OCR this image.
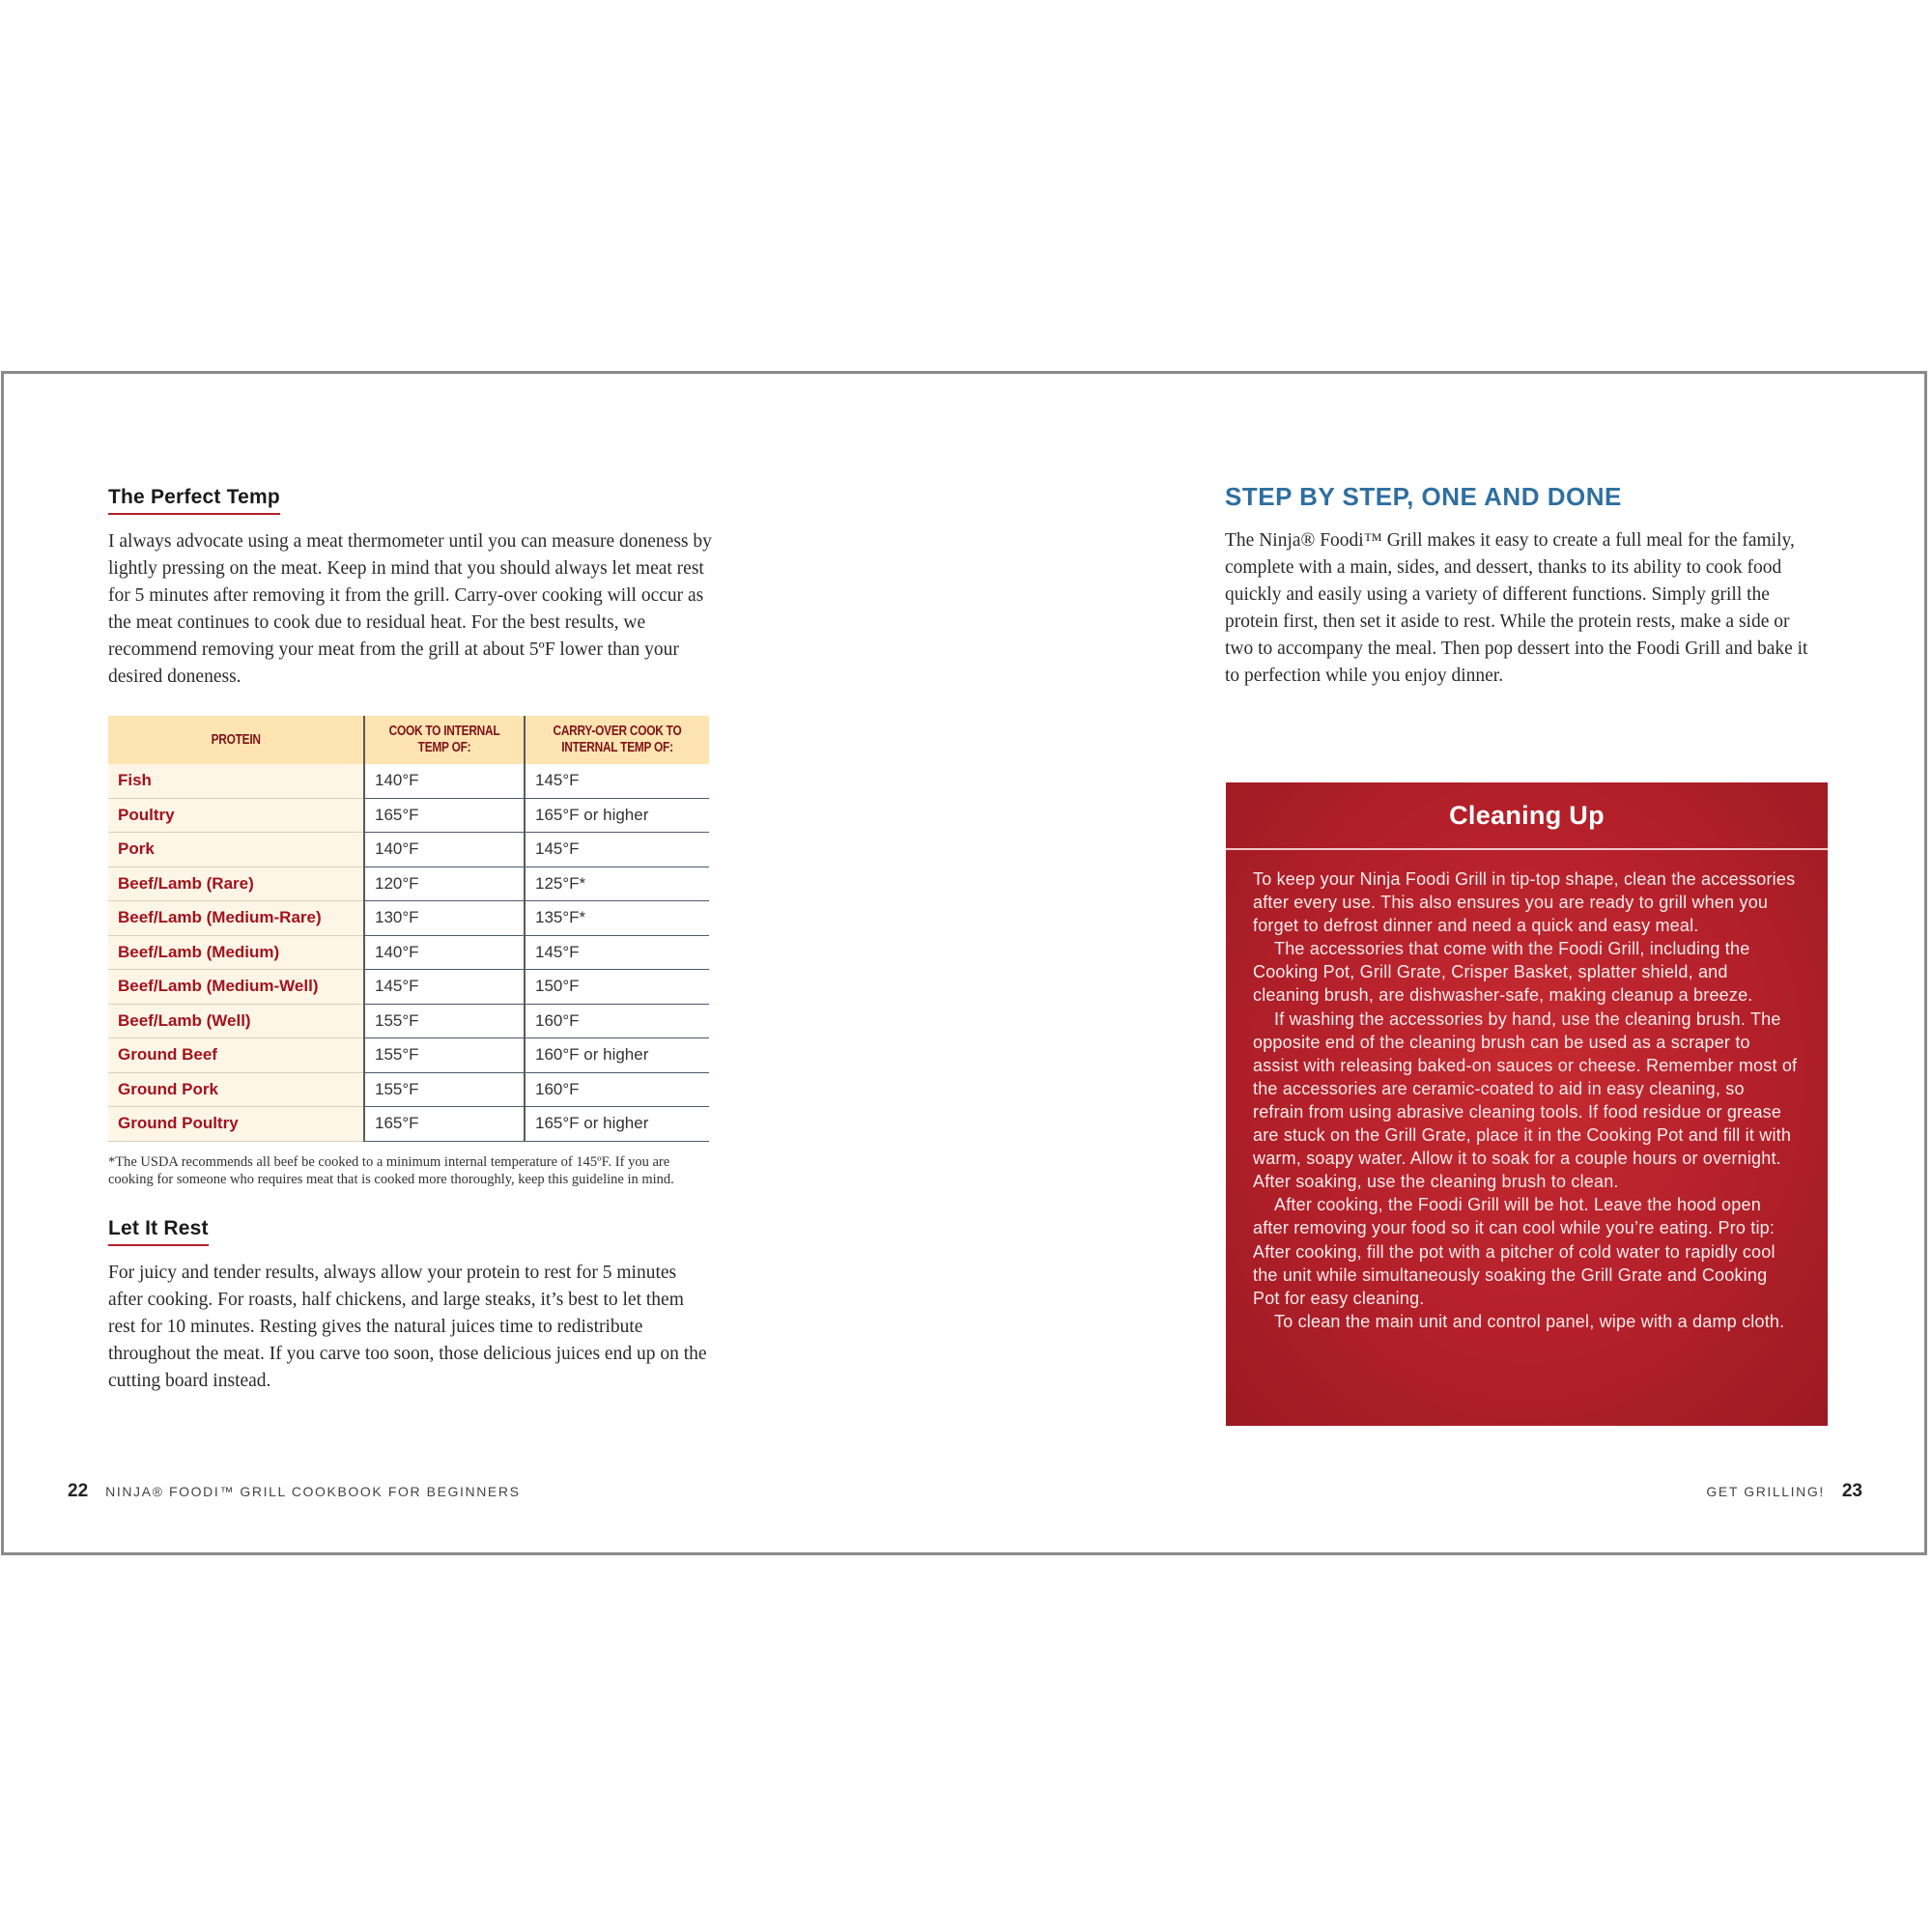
The Perfect Temp

I always advocate using a meat thermometer until you can measure doneness by lightly pressing on the meat. Keep in mind that you should always let meat rest for 5 minutes after removing it from the grill. Carry-over cooking will occur as the meat continues to cook due to residual heat. For the best results, we recommend removing your meat from the grill at about 5ºF lower than your desired doneness.

PROTEIN	COOK TO INTERNAL TEMP OF:	CARRY-OVER COOK TO INTERNAL TEMP OF:
Fish	140°F	145°F
Poultry	165°F	165°F or higher
Pork	140°F	145°F
Beef/Lamb (Rare)	120°F	125°F*
Beef/Lamb (Medium-Rare)	130°F	135°F*
Beef/Lamb (Medium)	140°F	145°F
Beef/Lamb (Medium-Well)	145°F	150°F
Beef/Lamb (Well)	155°F	160°F
Ground Beef	155°F	160°F or higher
Ground Pork	155°F	160°F
Ground Poultry	165°F	165°F or higher

*The USDA recommends all beef be cooked to a minimum internal temperature of 145ºF. If you are cooking for someone who requires meat that is cooked more thoroughly, keep this guideline in mind.

Let It Rest

For juicy and tender results, always allow your protein to rest for 5 minutes after cooking. For roasts, half chickens, and large steaks, it’s best to let them rest for 10 minutes. Resting gives the natural juices time to redistribute throughout the meat. If you carve too soon, those delicious juices end up on the cutting board instead.

22 NINJA® FOODI™ GRILL COOKBOOK FOR BEGINNERS
STEP BY STEP, ONE AND DONE

The Ninja® Foodi™ Grill makes it easy to create a full meal for the family, complete with a main, sides, and dessert, thanks to its ability to cook food quickly and easily using a variety of different functions. Simply grill the protein first, then set it aside to rest. While the protein rests, make a side or two to accompany the meal. Then pop dessert into the Foodi Grill and bake it to perfection while you enjoy dinner.

Cleaning Up

To keep your Ninja Foodi Grill in tip-top shape, clean the accessories after every use. This also ensures you are ready to grill when you forget to defrost dinner and need a quick and easy meal.

The accessories that come with the Foodi Grill, including the Cooking Pot, Grill Grate, Crisper Basket, splatter shield, and cleaning brush, are dishwasher-safe, making cleanup a breeze.

If washing the accessories by hand, use the cleaning brush. The opposite end of the cleaning brush can be used as a scraper to assist with releasing baked-on sauces or cheese. Remember most of the accessories are ceramic-coated to aid in easy cleaning, so refrain from using abrasive cleaning tools. If food residue or grease are stuck on the Grill Grate, place it in the Cooking Pot and fill it with warm, soapy water. Allow it to soak for a couple hours or overnight. After soaking, use the cleaning brush to clean.

After cooking, the Foodi Grill will be hot. Leave the hood open after removing your food so it can cool while you’re eating. Pro tip: After cooking, fill the pot with a pitcher of cold water to rapidly cool the unit while simultaneously soaking the Grill Grate and Cooking Pot for easy cleaning.

To clean the main unit and control panel, wipe with a damp cloth.

GET GRILLING! 23
